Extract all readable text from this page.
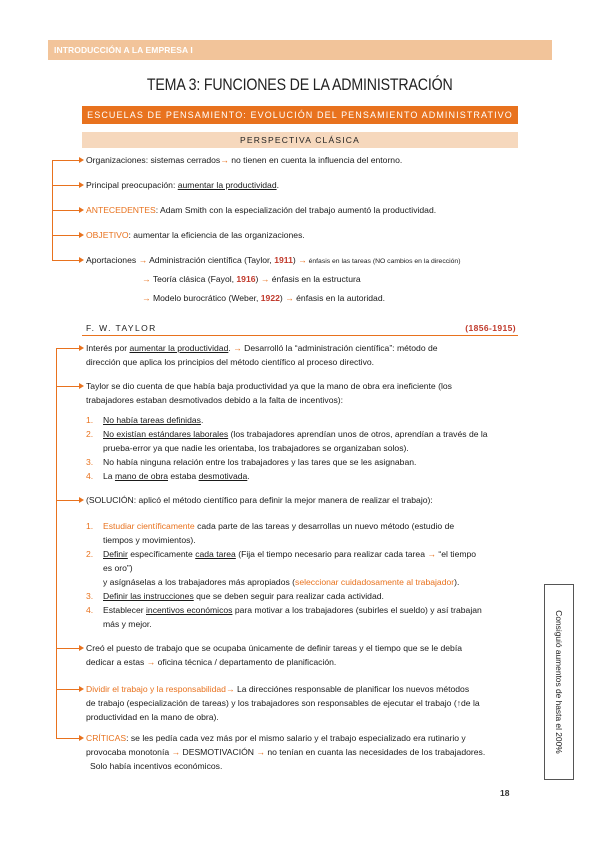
INTRODUCCIÓN A LA EMPRESA I
TEMA 3: FUNCIONES DE LA ADMINISTRACIÓN
ESCUELAS DE PENSAMIENTO: EVOLUCIÓN DEL PENSAMIENTO ADMINISTRATIVO
PERSPECTIVA CLÁSICA
Organizaciones: sistemas cerrados→ no tienen en cuenta la influencia del entorno.
Principal preocupación: aumentar la productividad.
ANTECEDENTES: Adam Smith con la especialización del trabajo aumentó la productividad.
OBJETIVO: aumentar la eficiencia de las organizaciones.
Aportaciones → Administración científica (Taylor, 1911) → énfasis en las tareas (NO cambios en la dirección)
→ Teoría clásica (Fayol, 1916) → énfasis en la estructura
→ Modelo burocrático (Weber, 1922) → énfasis en la autoridad.
F. W. TAYLOR	(1856-1915)
Interés por aumentar la productividad. → Desarrolló la “administración científica”: método de
dirección que aplica los principios del método científico al proceso directivo.
Taylor se dio cuenta de que había baja productividad ya que la mano de obra era ineficiente (los
trabajadores estaban desmotivados debido a la falta de incentivos):
1. No había tareas definidas.
2. No existían estándares laborales (los trabajadores aprendían unos de otros, aprendían a través de la
prueba-error ya que nadie les orientaba, los trabajadores se organizaban solos).
3. No había ninguna relación entre los trabajadores y las tares que se les asignaban.
4. La mano de obra estaba desmotivada.
(SOLUCIÓN: aplicó el método científico para definir la mejor manera de realizar el trabajo):
1. Estudiar científicamente cada parte de las tareas y desarrollas un nuevo método (estudio de
tiempos y movimientos).
2. Definir específicamente cada tarea (Fija el tiempo necesario para realizar cada tarea → “el tiempo
es oro”)
y asígnáselas a los trabajadores más apropiados (seleccionar cuidadosamente al trabajador).
3. Definir las instrucciones que se deben seguir para realizar cada actividad.
4. Establecer incentivos económicos para motivar a los trabajadores (subirles el sueldo) y así trabajan
más y mejor.
Creó el puesto de trabajo que se ocupaba únicamente de definir tareas y el tiempo que se le debía
dedicar a estas → oficina técnica / departamento de planificación.
Dividir el trabajo y la responsabilidad→ La direcciónes responsable de planificar los nuevos métodos
de trabajo (especialización de tareas) y los trabajadores son responsables de ejecutar el trabajo (↑de la
productividad en la mano de obra).
CRÍTICAS: se les pedía cada vez más por el mismo salario y el trabajo especializado era rutinario y
provocaba monotonía → DESMOTIVACIÓN → no tenían en cuanta las necesidades de los trabajadores.
Solo había incentivos económicos.
Consiguió aumentos de hasta el 200%
18
